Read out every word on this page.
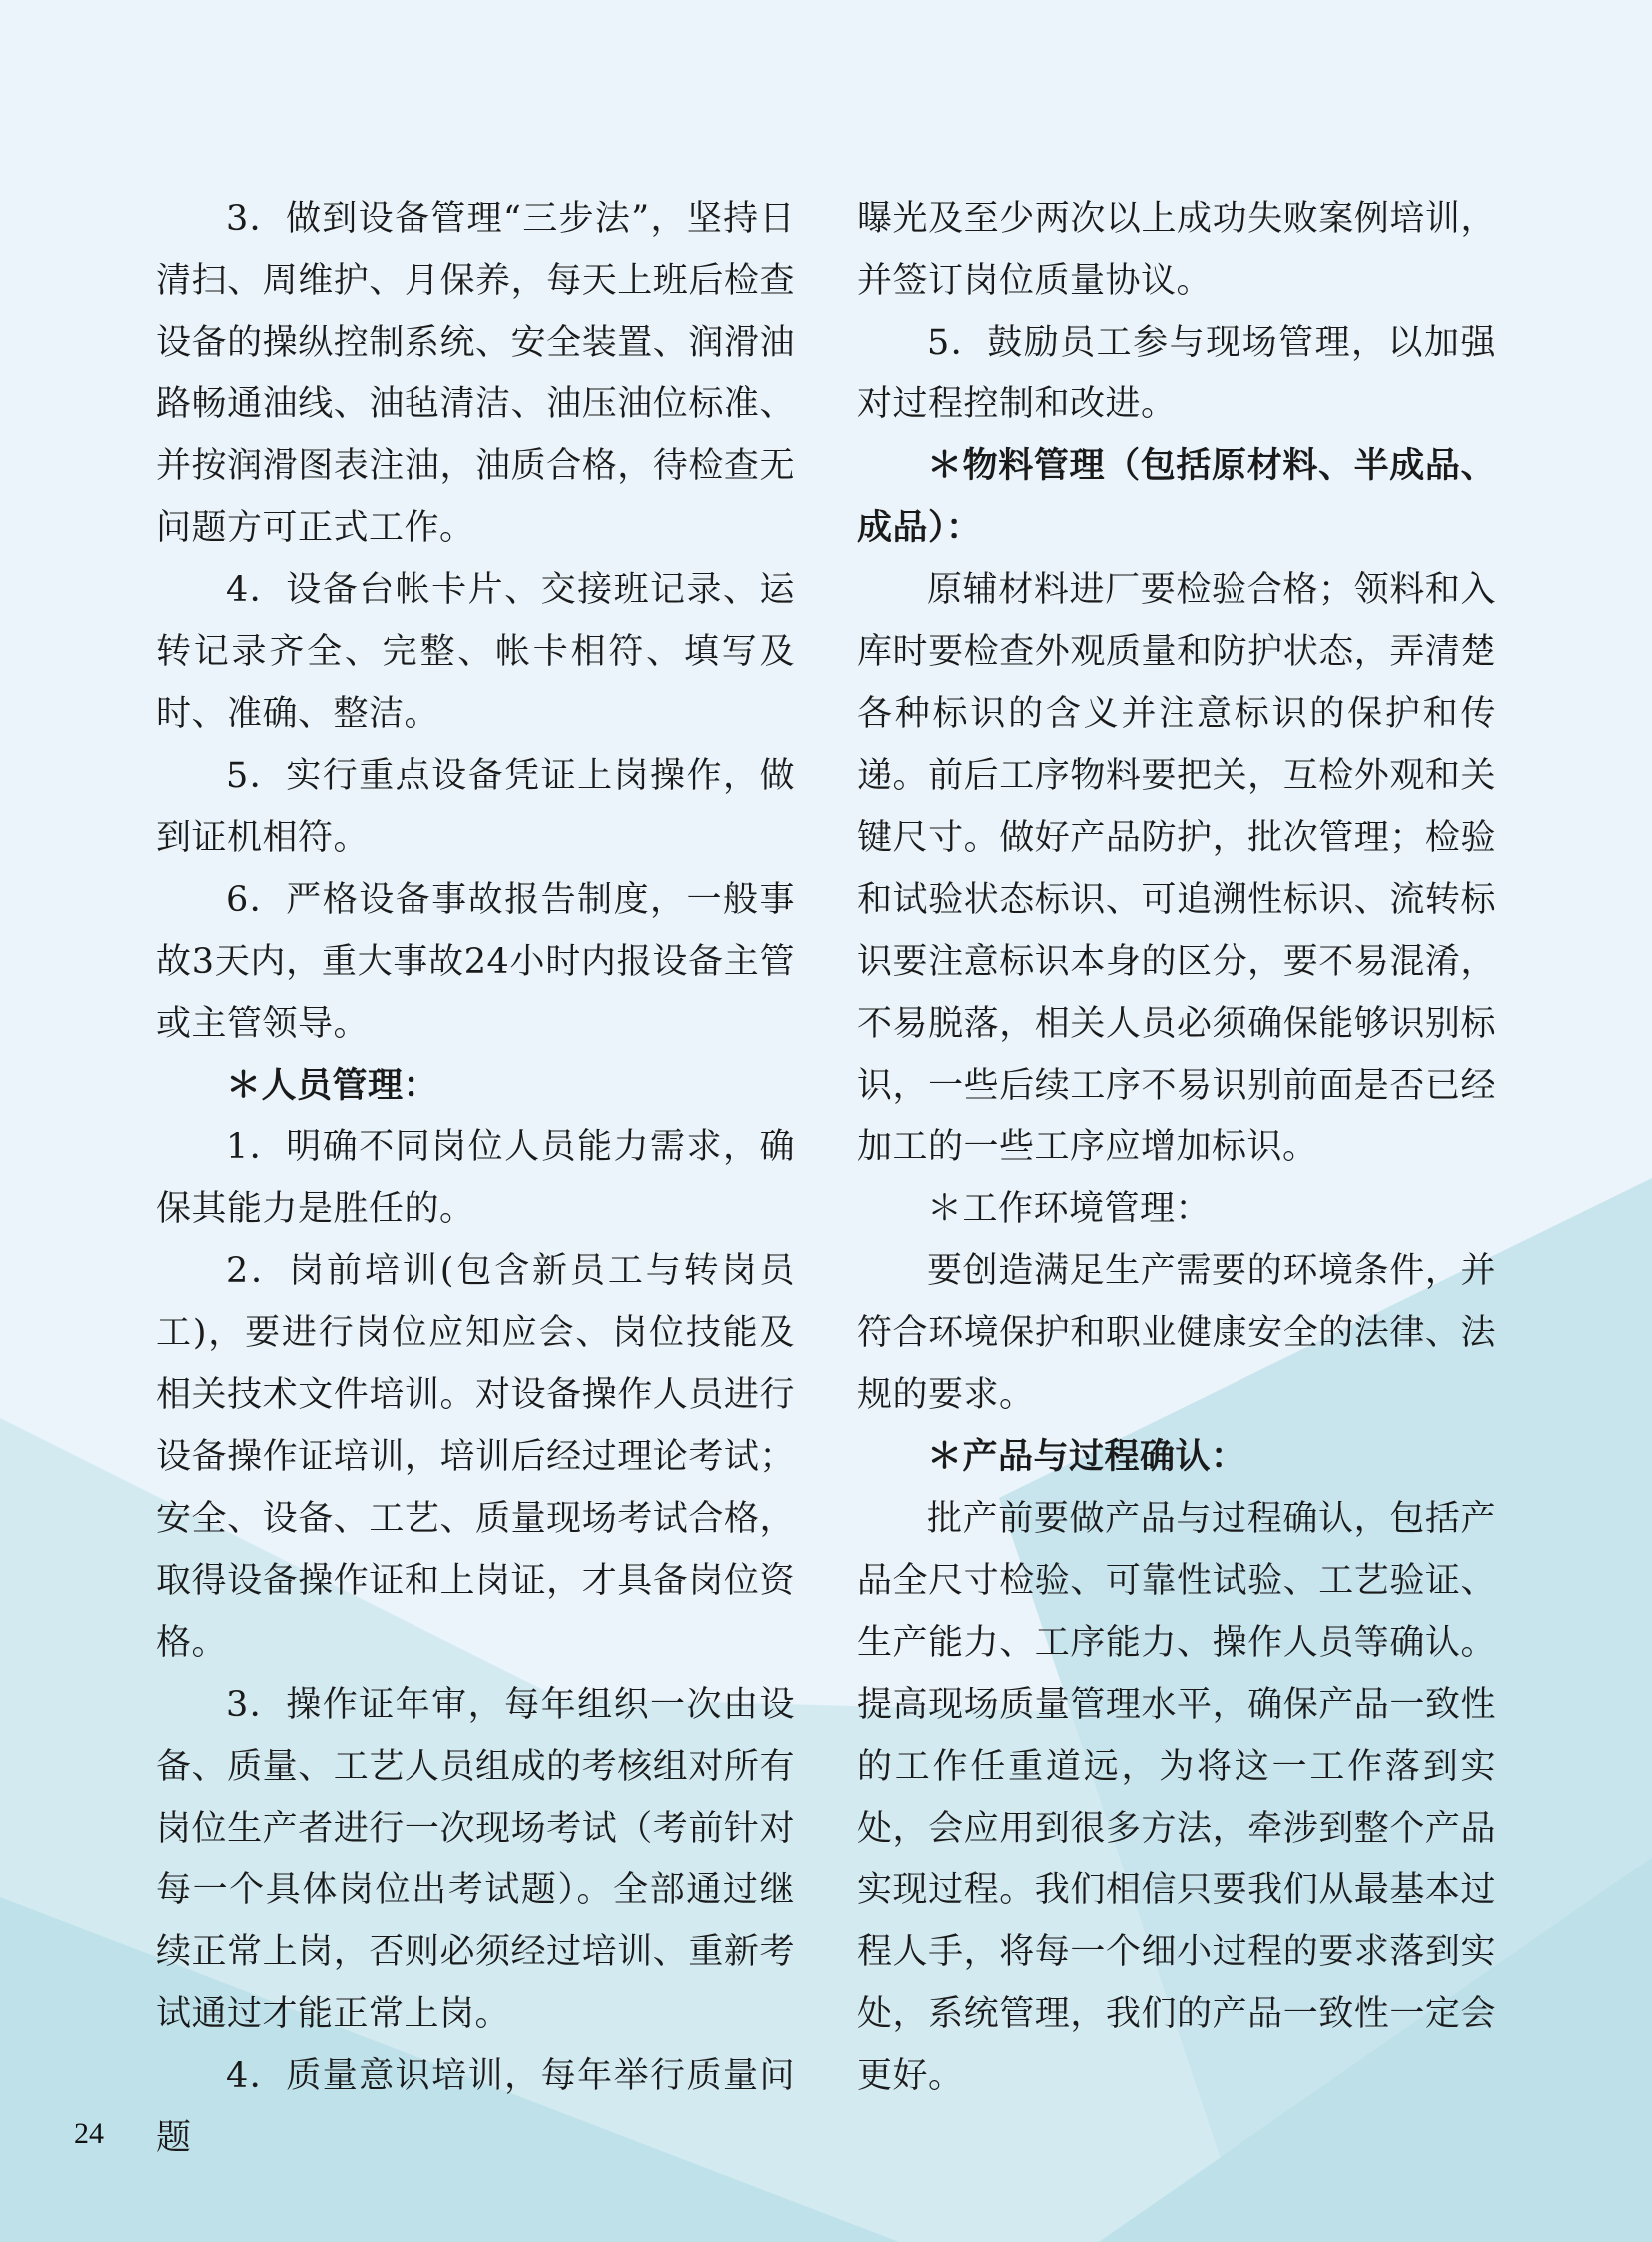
3．做到设备管理“三步法”，坚持日清扫、周维护、月保养，每天上班后检查设备的操纵控制系统、安全装置、润滑油路畅通油线、油毡清洁、油压油位标准、并按润滑图表注油，油质合格，待检查无问题方可正式工作。

4．设备台帐卡片、交接班记录、运转记录齐全、完整、帐卡相符、填写及时、准确、整洁。

5．实行重点设备凭证上岗操作，做到证机相符。

6．严格设备事故报告制度，一般事故3天内，重大事故24小时内报设备主管或主管领导。

＊人员管理：

1．明确不同岗位人员能力需求，确保其能力是胜任的。

2．岗前培训(包含新员工与转岗员工)，要进行岗位应知应会、岗位技能及相关技术文件培训。对设备操作人员进行设备操作证培训，培训后经过理论考试；安全、设备、工艺、质量现场考试合格，取得设备操作证和上岗证，才具备岗位资格。

3．操作证年审，每年组织一次由设备、质量、工艺人员组成的考核组对所有岗位生产者进行一次现场考试（考前针对每一个具体岗位出考试题）。全部通过继续正常上岗，否则必须经过培训、重新考试通过才能正常上岗。

4．质量意识培训，每年举行质量问题

曝光及至少两次以上成功失败案例培训，并签订岗位质量协议。

5．鼓励员工参与现场管理，以加强对过程控制和改进。

＊物料管理（包括原材料、半成品、成品）：

原辅材料进厂要检验合格；领料和入库时要检查外观质量和防护状态，弄清楚各种标识的含义并注意标识的保护和传递。前后工序物料要把关，互检外观和关键尺寸。做好产品防护，批次管理；检验和试验状态标识、可追溯性标识、流转标识要注意标识本身的区分，要不易混淆，不易脱落，相关人员必须确保能够识别标识，一些后续工序不易识别前面是否已经加工的一些工序应增加标识。

＊工作环境管理：

要创造满足生产需要的环境条件，并符合环境保护和职业健康安全的法律、法规的要求。

＊产品与过程确认：

批产前要做产品与过程确认，包括产品全尺寸检验、可靠性试验、工艺验证、生产能力、工序能力、操作人员等确认。 提高现场质量管理水平，确保产品一致性的工作任重道远，为将这一工作落到实处，会应用到很多方法，牵涉到整个产品实现过程。我们相信只要我们从最基本过程人手，将每一个细小过程的要求落到实处，系统管理，我们的产品一致性一定会更好。

24
